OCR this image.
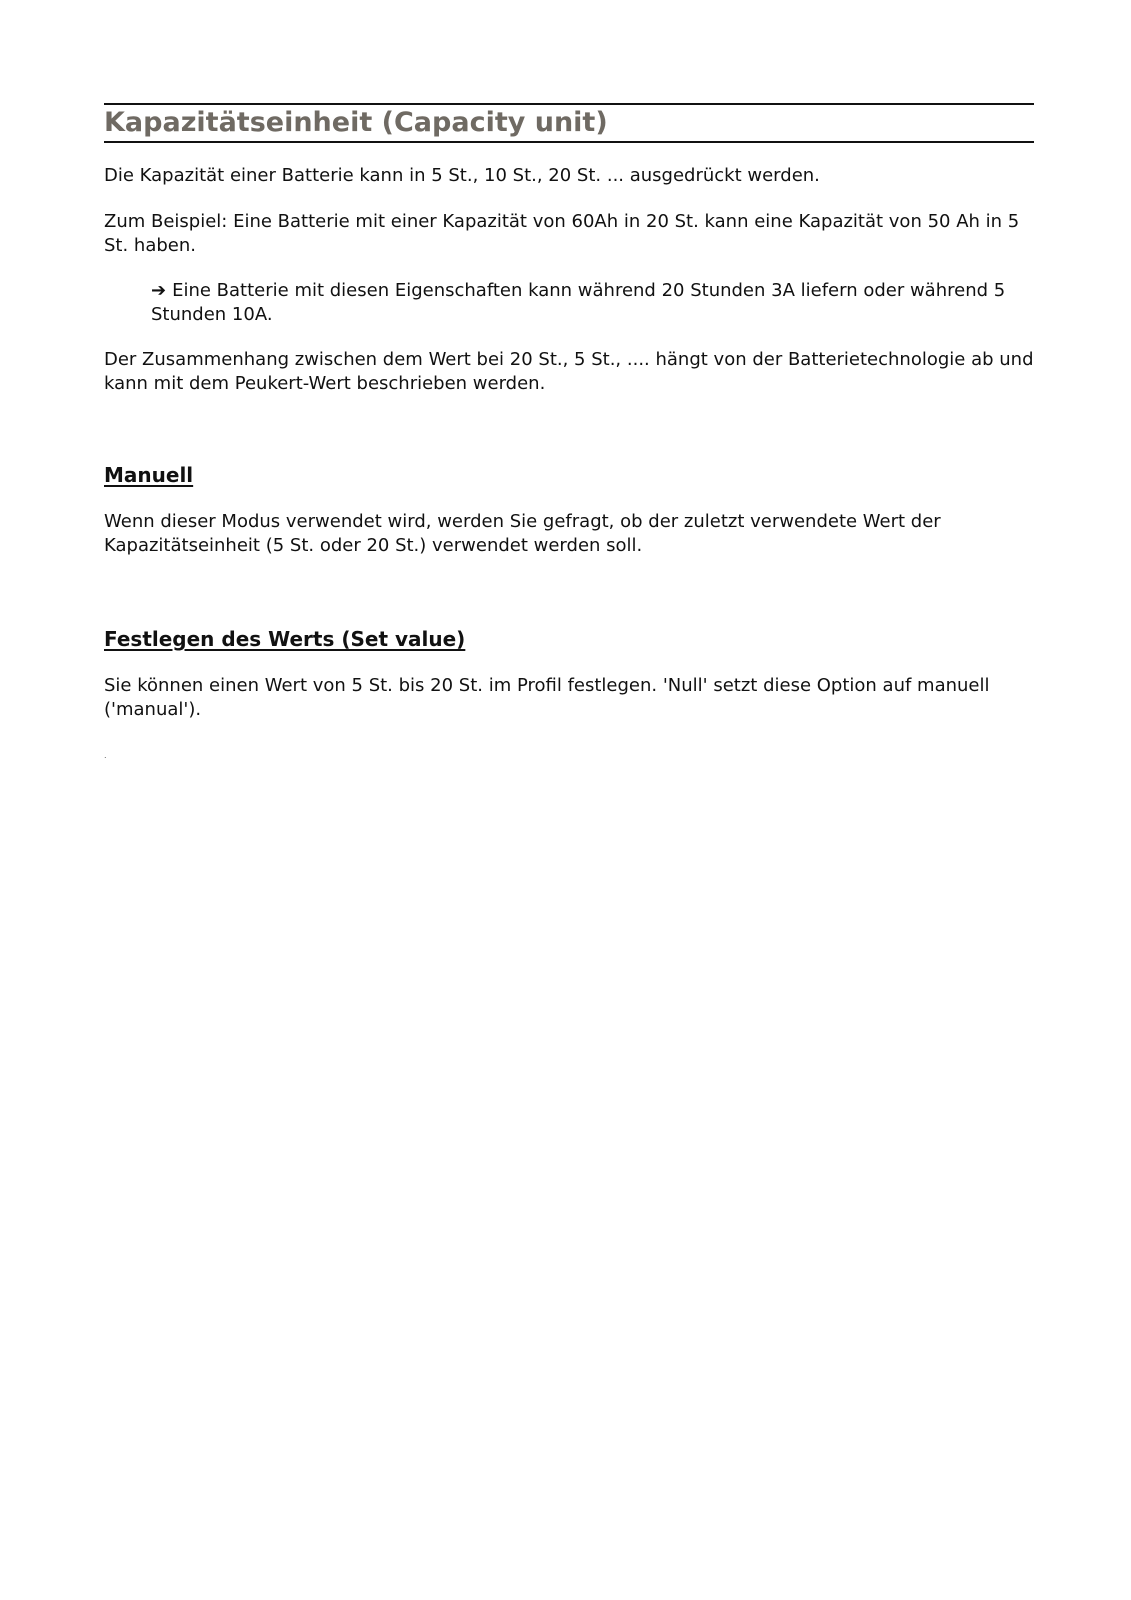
Kapazitätseinheit (Capacity unit)
Die Kapazität einer Batterie kann in 5 St., 10 St., 20 St. ... ausgedrückt werden.
Zum Beispiel: Eine Batterie mit einer Kapazität von 60Ah in 20 St. kann eine Kapazität von 50 Ah in 5 St. haben.
➔ Eine Batterie mit diesen Eigenschaften kann während 20 Stunden 3A liefern oder während 5 Stunden 10A.
Der Zusammenhang zwischen dem Wert bei 20 St., 5 St., .... hängt von der Batterietechnologie ab und kann mit dem Peukert-Wert beschrieben werden.
Manuell
Wenn dieser Modus verwendet wird, werden Sie gefragt, ob der zuletzt verwendete Wert der Kapazitätseinheit (5 St. oder 20 St.) verwendet werden soll.
Festlegen des Werts (Set value)
Sie können einen Wert von 5 St. bis 20 St. im Profil festlegen. 'Null' setzt diese Option auf manuell ('manual').
.
